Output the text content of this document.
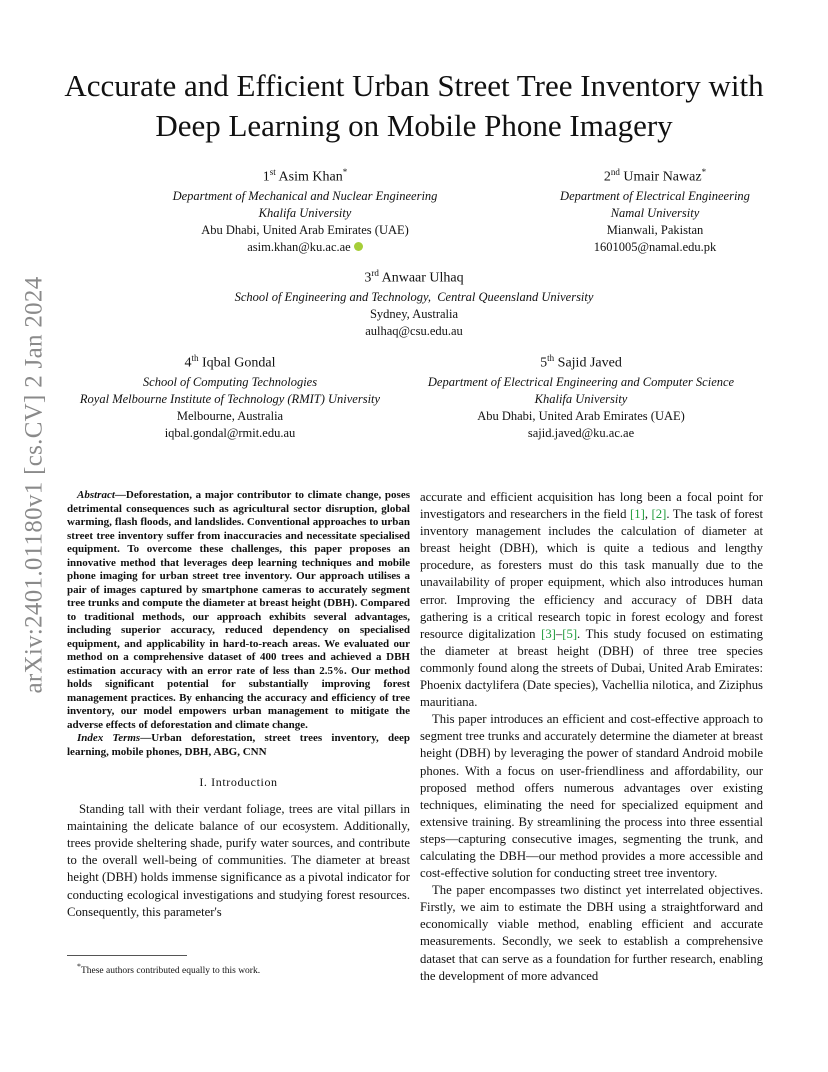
arXiv:2401.01180v1 [cs.CV] 2 Jan 2024
Accurate and Efficient Urban Street Tree Inventory with Deep Learning on Mobile Phone Imagery
1st Asim Khan*
Department of Mechanical and Nuclear Engineering
Khalifa University
Abu Dhabi, United Arab Emirates (UAE)
asim.khan@ku.ac.ae
2nd Umair Nawaz*
Department of Electrical Engineering
Namal University
Mianwali, Pakistan
1601005@namal.edu.pk
3rd Anwaar Ulhaq
School of Engineering and Technology,  Central Queensland University
Sydney, Australia
aulhaq@csu.edu.au
4th Iqbal Gondal
School of Computing Technologies
Royal Melbourne Institute of Technology (RMIT) University
Melbourne, Australia
iqbal.gondal@rmit.edu.au
5th Sajid Javed
Department of Electrical Engineering and Computer Science
Khalifa University
Abu Dhabi, United Arab Emirates (UAE)
sajid.javed@ku.ac.ae

Abstract—Deforestation, a major contributor to climate change, poses detrimental consequences such as agricultural sector disruption, global warming, flash floods, and landslides. Conventional approaches to urban street tree inventory suffer from inaccuracies and necessitate specialised equipment. To overcome these challenges, this paper proposes an innovative method that leverages deep learning techniques and mobile phone imaging for urban street tree inventory. Our approach utilises a pair of images captured by smartphone cameras to accurately segment tree trunks and compute the diameter at breast height (DBH). Compared to traditional methods, our approach exhibits several advantages, including superior accuracy, reduced dependency on specialised equipment, and applicability in hard-to-reach areas. We evaluated our method on a comprehensive dataset of 400 trees and achieved a DBH estimation accuracy with an error rate of less than 2.5%. Our method holds significant potential for substantially improving forest management practices. By enhancing the accuracy and efficiency of tree inventory, our model empowers urban management to mitigate the adverse effects of deforestation and climate change.

Index Terms—Urban deforestation, street trees inventory, deep learning, mobile phones, DBH, ABG, CNN

I. Introduction

Standing tall with their verdant foliage, trees are vital pillars in maintaining the delicate balance of our ecosystem. Additionally, trees provide sheltering shade, purify water sources, and contribute to the overall well-being of communities. The diameter at breast height (DBH) holds immense significance as a pivotal indicator for conducting ecological investigations and studying forest resources. Consequently, this parameter's

accurate and efficient acquisition has long been a focal point for investigators and researchers in the field [1], [2]. The task of forest inventory management includes the calculation of diameter at breast height (DBH), which is quite a tedious and lengthy procedure, as foresters must do this task manually due to the unavailability of proper equipment, which also introduces human error. Improving the efficiency and accuracy of DBH data gathering is a critical research topic in forest ecology and forest resource digitalization [3]–[5]. This study focused on estimating the diameter at breast height (DBH) of three tree species commonly found along the streets of Dubai, United Arab Emirates: Phoenix dactylifera (Date species), Vachellia nilotica, and Ziziphus mauritiana.

This paper introduces an efficient and cost-effective approach to segment tree trunks and accurately determine the diameter at breast height (DBH) by leveraging the power of standard Android mobile phones. With a focus on user-friendliness and affordability, our proposed method offers numerous advantages over existing techniques, eliminating the need for specialized equipment and extensive training. By streamlining the process into three essential steps—capturing consecutive images, segmenting the trunk, and calculating the DBH—our method provides a more accessible and cost-effective solution for conducting street tree inventory.

The paper encompasses two distinct yet interrelated objectives. Firstly, we aim to estimate the DBH using a straightforward and economically viable method, enabling efficient and accurate measurements. Secondly, we seek to establish a comprehensive dataset that can serve as a foundation for further research, enabling the development of more advanced

*These authors contributed equally to this work.
